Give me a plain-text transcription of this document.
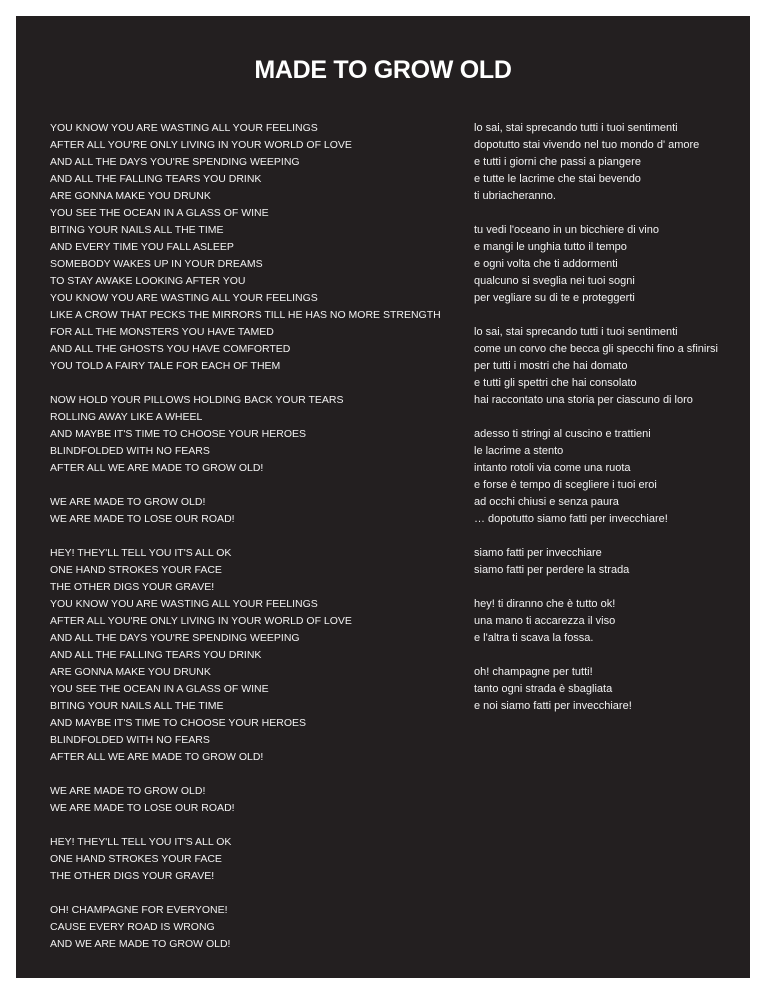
MADE TO GROW OLD
YOU KNOW YOU ARE WASTING ALL YOUR FEELINGS
AFTER ALL YOU'RE ONLY LIVING IN YOUR WORLD OF LOVE
AND ALL THE DAYS YOU'RE SPENDING WEEPING
AND ALL THE FALLING TEARS YOU DRINK
ARE GONNA MAKE YOU DRUNK
YOU SEE THE OCEAN IN A GLASS OF WINE
BITING YOUR NAILS ALL THE TIME
AND EVERY TIME YOU FALL ASLEEP
SOMEBODY WAKES UP IN YOUR DREAMS
TO STAY AWAKE LOOKING AFTER YOU
YOU KNOW YOU ARE WASTING ALL YOUR FEELINGS
LIKE A CROW THAT PECKS THE MIRRORS TILL HE HAS NO MORE STRENGTH
FOR ALL THE MONSTERS YOU HAVE TAMED
AND ALL THE GHOSTS YOU HAVE COMFORTED
YOU TOLD A FAIRY TALE FOR EACH OF THEM
NOW HOLD YOUR PILLOWS HOLDING BACK YOUR TEARS
ROLLING AWAY LIKE A WHEEL
AND MAYBE IT'S TIME TO CHOOSE YOUR HEROES
BLINDFOLDED WITH NO FEARS
AFTER ALL WE ARE MADE TO GROW OLD!
WE ARE MADE TO GROW OLD!
WE ARE MADE TO LOSE OUR ROAD!
HEY! THEY'LL TELL YOU IT'S ALL OK
ONE HAND STROKES YOUR FACE
THE OTHER DIGS YOUR GRAVE!
YOU KNOW YOU ARE WASTING ALL YOUR FEELINGS
AFTER ALL YOU'RE ONLY LIVING IN YOUR WORLD OF LOVE
AND ALL THE DAYS YOU'RE SPENDING WEEPING
AND ALL THE FALLING TEARS YOU DRINK
ARE GONNA MAKE YOU DRUNK
YOU SEE THE OCEAN IN A GLASS OF WINE
BITING YOUR NAILS ALL THE TIME
AND MAYBE IT'S TIME TO CHOOSE YOUR HEROES
BLINDFOLDED WITH NO FEARS
AFTER ALL WE ARE MADE TO GROW OLD!
WE ARE MADE TO GROW OLD!
WE ARE MADE TO LOSE OUR ROAD!
HEY! THEY'LL TELL YOU IT'S ALL OK
ONE HAND STROKES YOUR FACE
THE OTHER DIGS YOUR GRAVE!
OH! CHAMPAGNE FOR EVERYONE!
CAUSE EVERY ROAD IS WRONG
AND WE ARE MADE TO GROW OLD!
lo sai, stai sprecando tutti i tuoi sentimenti
dopotutto stai vivendo nel tuo mondo d' amore
e tutti i giorni che passi a piangere
e tutte le lacrime che stai bevendo
ti ubriacheranno.
tu vedi l'oceano in un bicchiere di vino
e mangi le unghia tutto il tempo
e ogni volta che ti addormenti
qualcuno si sveglia nei tuoi sogni
per vegliare su di te e proteggerti
lo sai, stai sprecando tutti i tuoi sentimenti
come un corvo che becca gli specchi fino a sfinirsi
per tutti i mostri che hai domato
e tutti gli spettri che hai consolato
hai raccontato una storia per ciascuno di loro
adesso ti stringi al cuscino e trattieni
le lacrime a stento
intanto rotoli via come una ruota
e forse è tempo di scegliere i tuoi eroi
ad occhi chiusi e senza paura
… dopotutto siamo fatti per invecchiare!
siamo fatti per invecchiare
siamo fatti per perdere la strada
hey! ti diranno che è tutto ok!
una mano ti accarezza il viso
e l'altra ti scava la fossa.
oh! champagne per tutti!
tanto ogni strada è sbagliata
e noi siamo fatti per invecchiare!
